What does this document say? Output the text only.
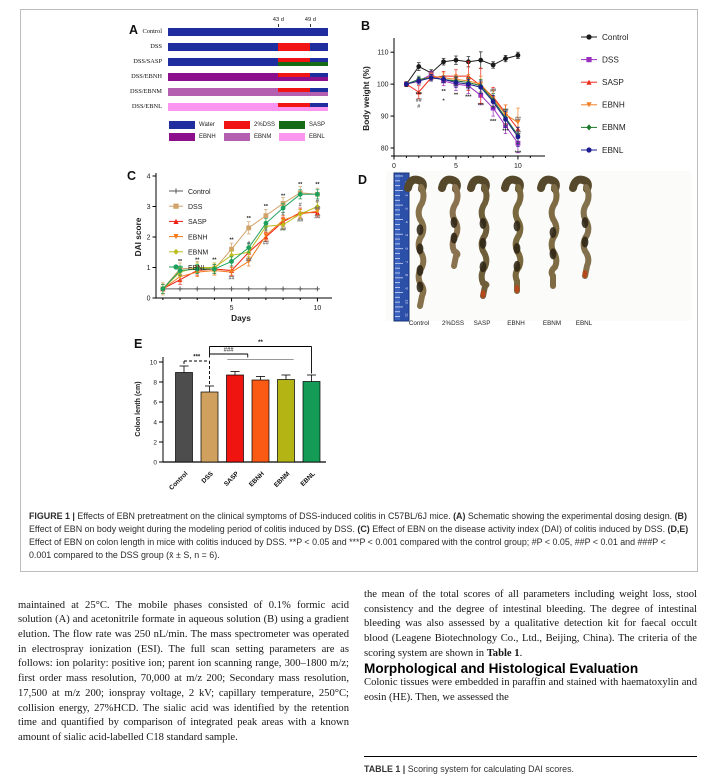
A Control
DSS
DSS/SASP
DSS/EBNH
DSS/EBNM
DSS/EBNL
43 d	49 d
Water	2%DSS	SASP
EBNH	EBNM	EBNL
B
80
90
100
110
0	5	10
***
##
#
**
*
** ***
***
##
***
##
***
##
##
***
Body weight (%)
Control
DSS
SASP
EBNH
EBNM
EBNL
C
0
1
2
3
4
5	10
** ** **
**
**
**
**
** **
##
##
# ##
# ##
#
##
#
#
##
##
Days
DAI score
Control
DSS
SASP
EBNH
EBNM
EBNL
D	1
2
3
4
5
6
7
8
9
10
11
Control 2%DSS SASP	EBNH	EBNM EBNL
E
0
2
4
6
8
10
Control DSS SASP EBNH EBNM EBNL
Colon lenth (cm)
***
###
**

FIGURE 1 | Effects of EBN pretreatment on the clinical symptoms of DSS-induced colitis in C57BL/6J mice. (A) Schematic showing the experimental dosing design. (B) Effect of EBN on body weight during the modeling period of colitis induced by DSS. (C) Effect of EBN on the disease activity index (DAI) of colitis induced by DSS. (D,E) Effect of EBN on colon length in mice with colitis induced by DSS. **P < 0.05 and ***P < 0.001 compared with the control group; #P < 0.05, ##P < 0.01 and ###P < 0.001 compared to the DSS group (x̄ ± S, n = 6).

maintained at 25°C. The mobile phases consisted of 0.1% formic acid solution (A) and acetonitrile formate in aqueous solution (B) using a gradient elution. The flow rate was 250 nL/min. The mass spectrometer was operated in electrospray ionization (ESI). The full scan setting parameters are as follows: ion polarity: positive ion; parent ion scanning range, 300–1800 m/z; first order mass resolution, 70,000 at m/z 200; Secondary mass resolution, 17,500 at m/z 200; ionspray voltage, 2 kV; capillary temperature, 250°C; collision energy, 27%HCD. The sialic acid was identified by the retention time and quantified by comparison of integrated peak areas with a known amount of sialic acid-labelled C18 standard sample.

the mean of the total scores of all parameters including weight loss, stool consistency and the degree of intestinal bleeding. The degree of intestinal bleeding was also assessed by a qualitative detection kit for faecal occult blood (Leagene Biotechnology Co., Ltd., Beijing, China). The criteria of the scoring system are shown in Table 1.

Morphological and Histological Evaluation

Colonic tissues were embedded in paraffin and stained with haematoxylin and eosin (HE). Then, we assessed the

TABLE 1 | Scoring system for calculating DAI scores.
